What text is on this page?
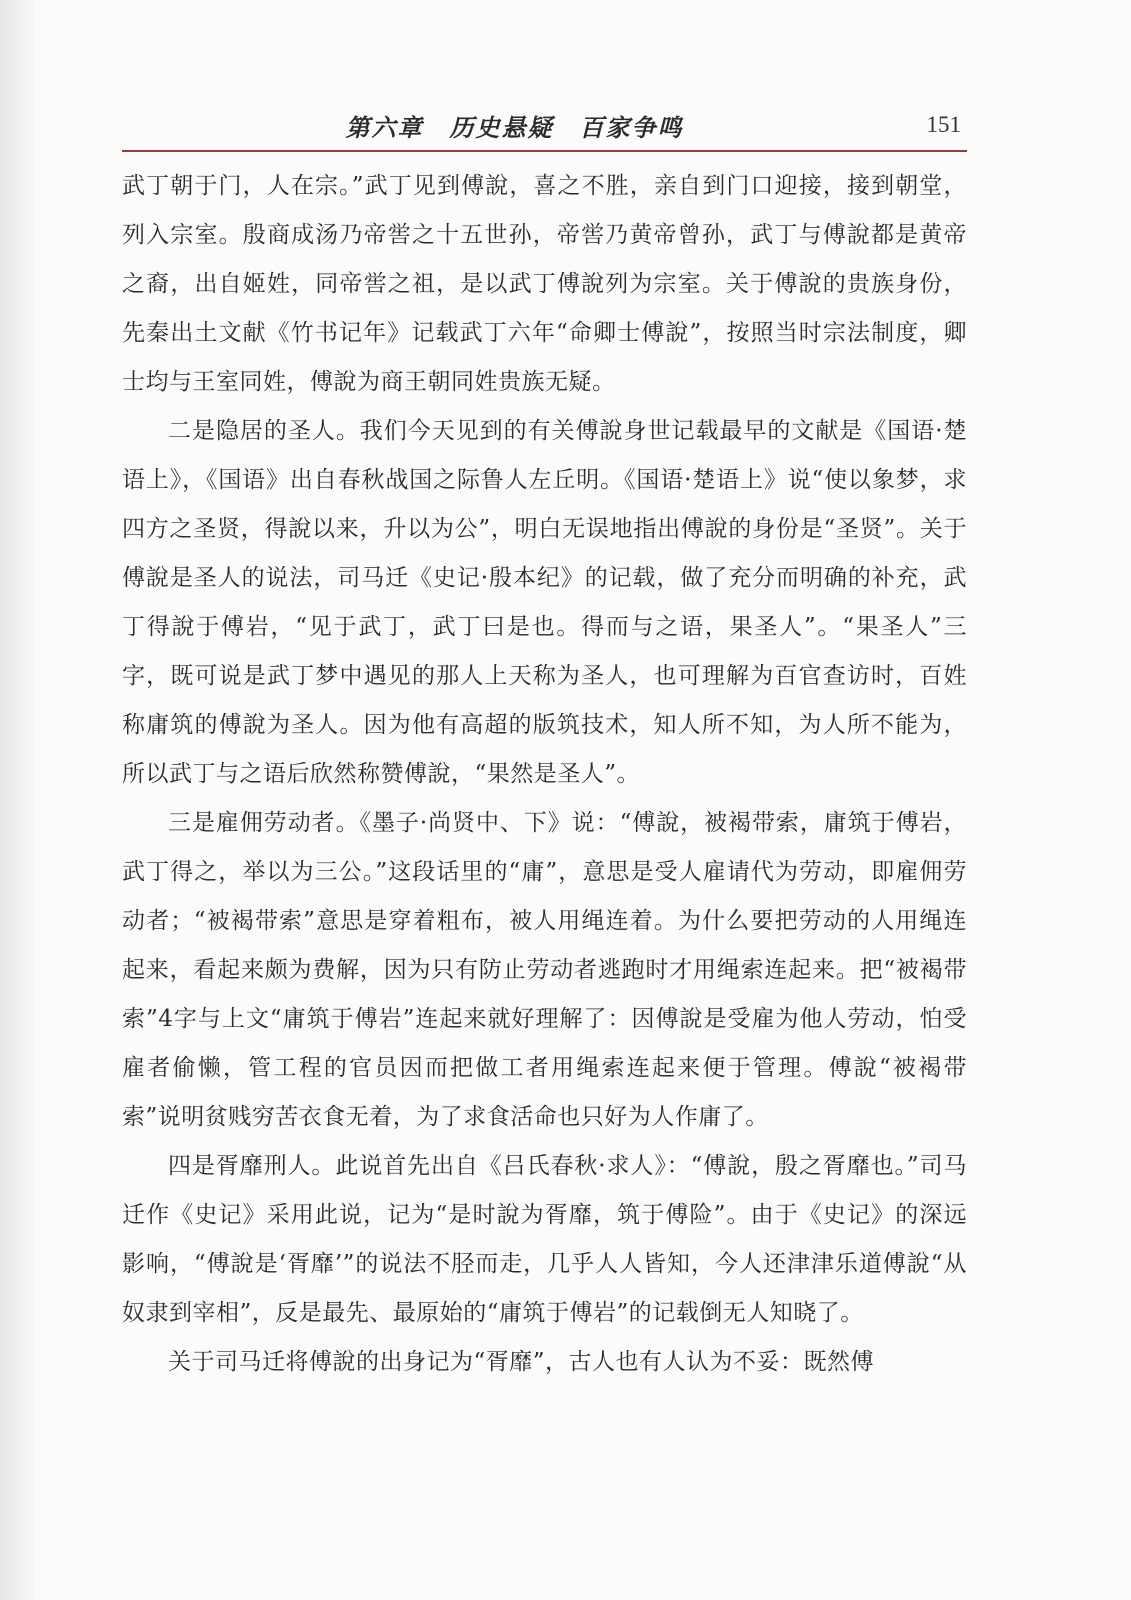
第六章　历史悬疑　百家争鸣	151

武丁朝于门，人在宗。”武丁见到傅說，喜之不胜，亲自到门口迎接，接到朝堂，列入宗室。殷商成汤乃帝喾之十五世孙，帝喾乃黄帝曾孙，武丁与傅說都是黄帝之裔，出自姬姓，同帝喾之祖，是以武丁傅說列为宗室。关于傅說的贵族身份，先秦出土文献《竹书记年》记载武丁六年“命卿士傅說”，按照当时宗法制度，卿士均与王室同姓，傅說为商王朝同姓贵族无疑。

二是隐居的圣人。我们今天见到的有关傅說身世记载最早的文献是《国语·楚语上》，《国语》出自春秋战国之际鲁人左丘明。《国语·楚语上》说“使以象梦，求四方之圣贤，得說以来，升以为公”，明白无误地指出傅說的身份是“圣贤”。关于傅說是圣人的说法，司马迁《史记·殷本纪》的记载，做了充分而明确的补充，武丁得說于傅岩，“见于武丁，武丁曰是也。得而与之语，果圣人”。“果圣人”三字，既可说是武丁梦中遇见的那人上天称为圣人，也可理解为百官查访时，百姓称庸筑的傅說为圣人。因为他有高超的版筑技术，知人所不知，为人所不能为，所以武丁与之语后欣然称赞傅說，“果然是圣人”。

三是雇佣劳动者。《墨子·尚贤中、下》说：“傅說，被褐带索，庸筑于傅岩，武丁得之，举以为三公。”这段话里的“庸”，意思是受人雇请代为劳动，即雇佣劳动者；“被褐带索”意思是穿着粗布，被人用绳连着。为什么要把劳动的人用绳连起来，看起来颇为费解，因为只有防止劳动者逃跑时才用绳索连起来。把“被褐带索”4字与上文“庸筑于傅岩”连起来就好理解了：因傅說是受雇为他人劳动，怕受雇者偷懒，管工程的官员因而把做工者用绳索连起来便于管理。傅說“被褐带索”说明贫贱穷苦衣食无着，为了求食活命也只好为人作庸了。

四是胥靡刑人。此说首先出自《吕氏春秋·求人》：“傅說，殷之胥靡也。”司马迁作《史记》采用此说，记为“是时說为胥靡，筑于傅险”。由于《史记》的深远影响，“傅說是‘胥靡’”的说法不胫而走，几乎人人皆知，今人还津津乐道傅說“从奴隶到宰相”，反是最先、最原始的“庸筑于傅岩”的记载倒无人知晓了。

关于司马迁将傅說的出身记为“胥靡”，古人也有人认为不妥：既然傅
